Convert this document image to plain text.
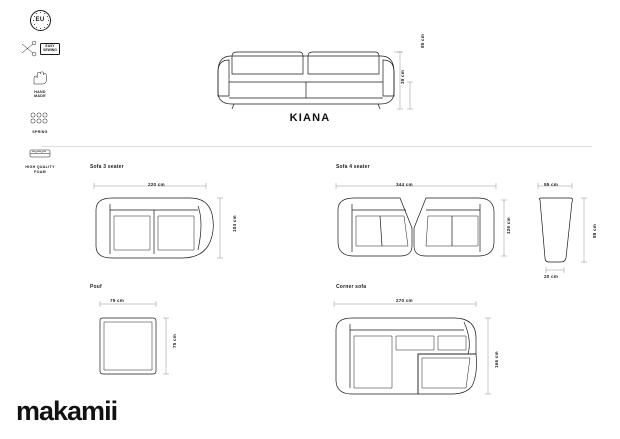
EU
EASY
SEWING
HAND
MADE
SPRING
HIGH QUALITY
FOAM
85 cm
39 cm
KIANA
Sofa 3 seater
220 cm
104 cm
Sofa 4 seater
344 cm
126 cm
55 cm
88 cm
20 cm
Pouf
75 cm
75 cm
Corner sofa
270 cm
166 cm
makamii
